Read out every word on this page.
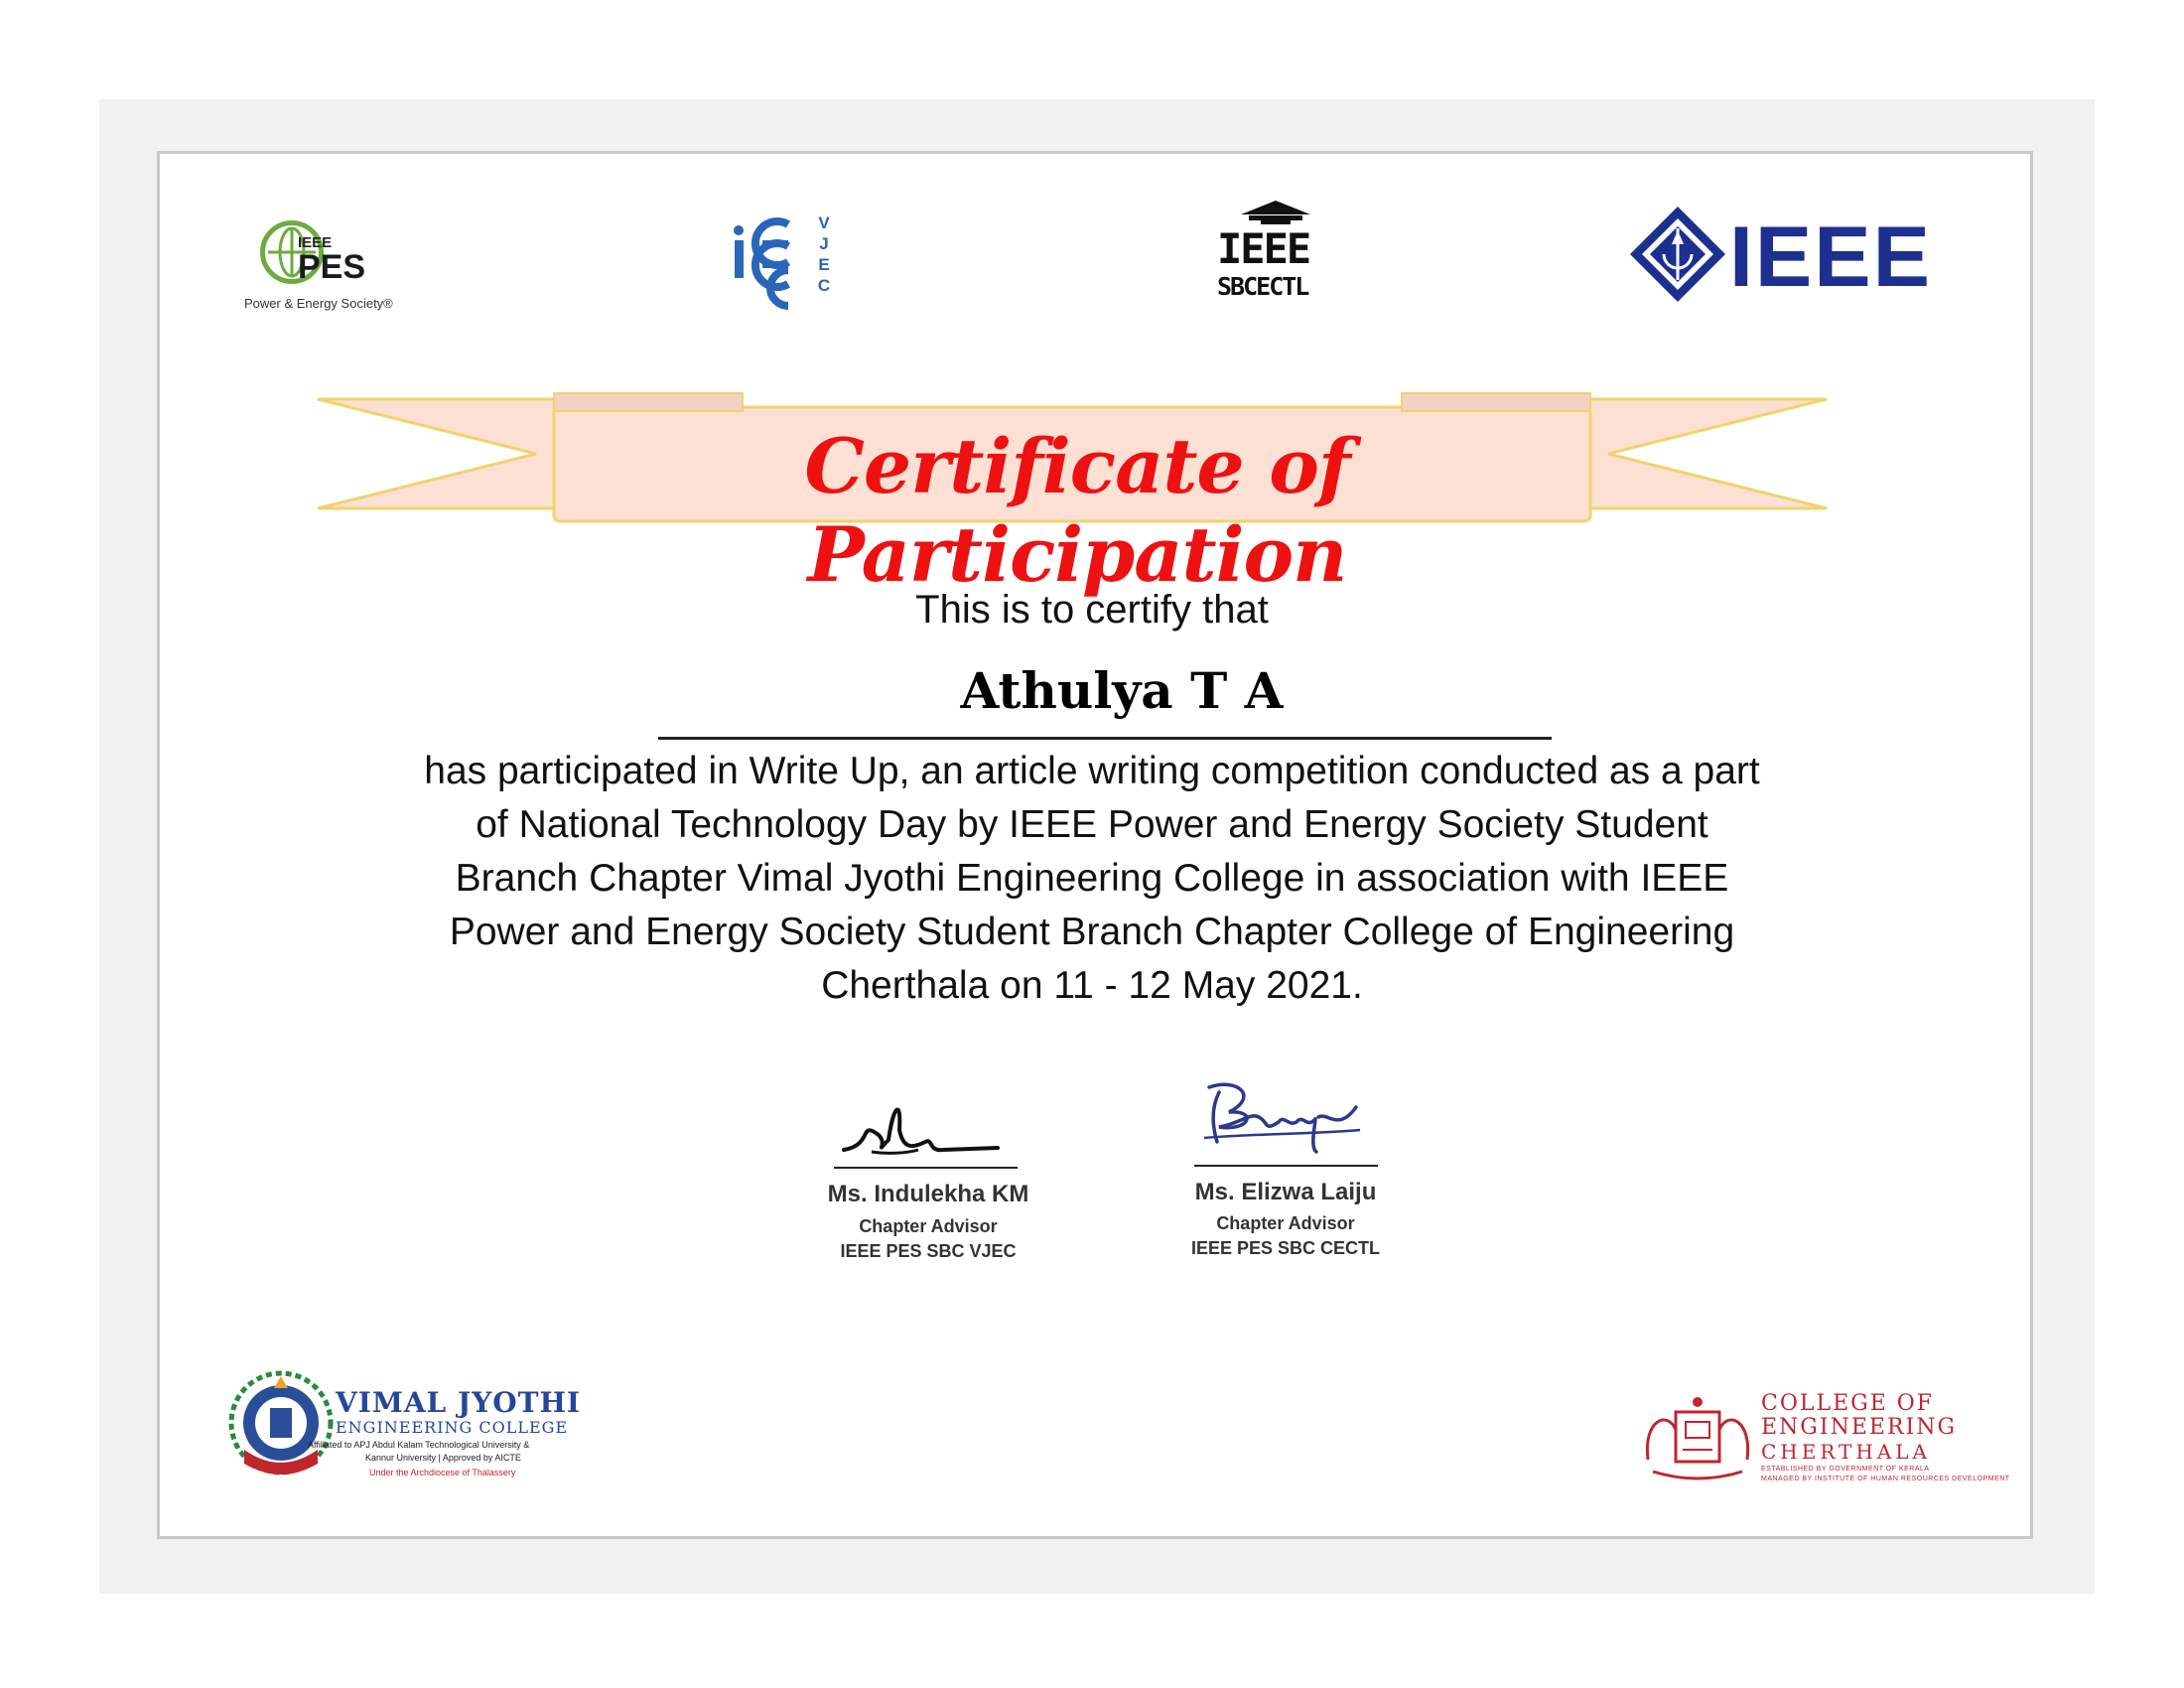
IEEE
PES
Power & Energy Society®
V
J
E
C
IEEE
SBCECTL	IEEE
Certificate of Participation
This is to certify that
Athulya T A
has participated in Write Up, an article writing competition conducted as a part of National Technology Day by IEEE Power and Energy Society Student Branch Chapter Vimal Jyothi Engineering College in association with IEEE Power and Energy Society Student Branch Chapter College of Engineering Cherthala on 11 - 12 May 2021.
Ms. Indulekha KM
Chapter Advisor
IEEE PES SBC VJEC
Ms. Elizwa Laiju
Chapter Advisor
IEEE PES SBC CECTL
VIMAL JYOTHI
ENGINEERING COLLEGE
Affiliated to APJ Abdul Kalam Technological University &
Kannur University | Approved by AICTE
Under the Archdiocese of Thalassery
COLLEGE OF
ENGINEERING
CHERTHALA
ESTABLISHED BY GOVERNMENT OF KERALA
MANAGED BY INSTITUTE OF HUMAN RESOURCES DEVELOPMENT
